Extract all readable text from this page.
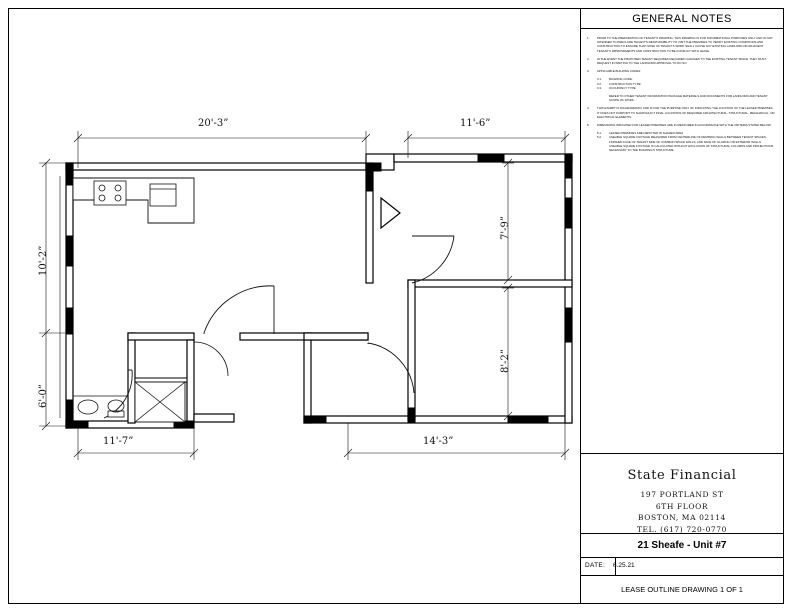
20'-3”	11'-6”
10'-2”
6'-0”
11'-7”	14'-3”
7'-9”
8'-2”
GENERAL NOTES
1.	PRIOR TO THE PREPARATION OF TENANT'S DRAWING, THIS DRAWING IS FOR INFORMATIONAL PURPOSES ONLY AND IS NOT INTENDED TO PRECLUDE TENANT'S RESPONSIBILITY TO VISIT THE PREMISES TO VERIFY EXISTING CONDITIONS AND CONSTRUCTION TO ENSURE THAT NONE OF TENANT'S WORK SHALL CAUSE ANY EXISTING LANDLORD OR ADJACENT TENANT'S IMPROVEMENTS AND CONSTRUCTION TO BE CONFLICT WITH LEASE.
2.	IN THE EVENT THE PROPOSED TENANT REQUIRES REQUIRED CHANGES TO THE EXISTING TENANT SPACE, THEY MUST REQUEST IN WRITING TO THE LANDLORD APPROVAL TO DO SO.
3.	APPLICABLE BUILDING CODES:
3.1.	BUILDING CODE:
3.2.	CONSTRUCTION TYPE:
3.3.	OCCUPANCY TYPE:
REFER TO OTHER TENANT INFORMATION PACKAGE MATERIALS AND DOCUMENTS FOR LANDLORD AND TENANT SCOPE OF WORK.
4.	THIS EXHIBIT IS DIAGRAMMATIC AND IS FOR THE PURPOSE ONLY OF INDICATING THE LOCATION OF THE LEASED PREMISES. IT DOES NOT PURPORT TO SHOW EXACT FINAL LOCATIONS OF REQUIRED ARCHITECTURAL, STRUCTURAL, MECHANICAL, OR ELECTRICAL ELEMENTS.
5.	DIMENSIONS INDICATED FOR LEASED PREMISES ARE IN MEASURED IN ACCORDANCE WITH THE CRITERIA STATED BELOW:
5.1.	LEASED PREMISES ARE DEPICTED IN SHADED AREA
5.2.	USEABLE SQUARE FOOTAGE MEASURED FROM CENTERLINE OF DEMISING WALLS BETWEEN TENANT SPACES, FINISHED FACE OF TENANT SIDE OF COMMON SPACE WALLS, AND FACE OF GLAZING OR EXTERIOR WALLS. USEABLE SQUARE FOOTAGE IS CALCULATED WITHOUT EXCLUSION OF STRUCTURAL COLUMNS AND PROJECTIONS NECESSARY TO THE BUILDING'S STRUCTURE.
State Financial
197 PORTLAND ST
6TH FLOOR
BOSTON, MA 02114
TEL. (617) 720-0770
21 Sheafe - Unit #7
DATE: 6.25.21
LEASE OUTLINE DRAWING 1 OF 1
